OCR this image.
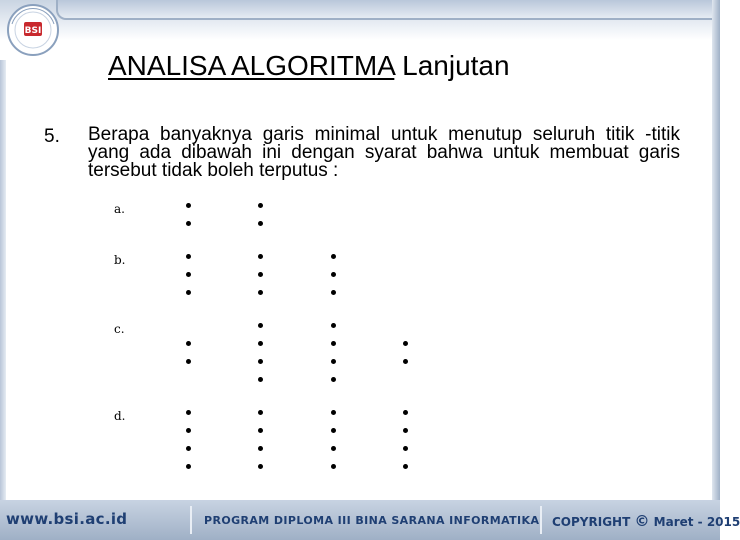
BSI
ANALISA ALGORITMA Lanjutan
5. Berapa banyaknya garis minimal untuk menutup seluruh titik -titik yang ada dibawah ini dengan syarat bahwa untuk membuat garis tersebut tidak boleh terputus :
a.
b.
c.
d.
www.bsi.ac.id	PROGRAM DIPLOMA III BINA SARANA INFORMATIKA COPYRIGHT © Maret - 2015
